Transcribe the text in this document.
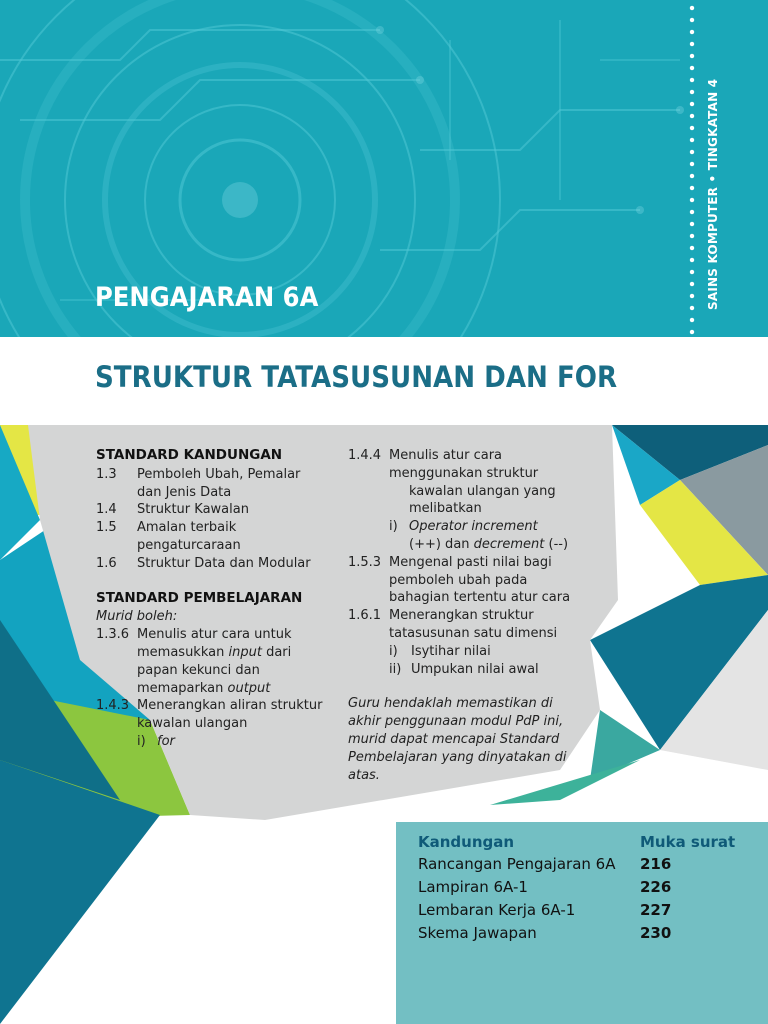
SAINS KOMPUTER • TINGKATAN 4
PENGAJARAN 6A
STRUKTUR TATASUSUNAN DAN FOR
STANDARD KANDUNGAN
1.3	Pemboleh Ubah, Pemalar dan Jenis Data
1.4	Struktur Kawalan
1.5	Amalan terbaik pengaturcaraan
1.6	Struktur Data dan Modular
STANDARD PEMBELAJARAN
Murid boleh:
1.3.6 Menulis atur cara untuk memasukkan input dari papan kekunci dan memaparkan output
1.4.3 Menerangkan aliran struktur kawalan ulangan
i) for
1.4.4 Menulis atur cara
menggunakan struktur
kawalan ulangan yang
melibatkan
i) Operator increment
(++) dan decrement (--)
1.5.3 Mengenal pasti nilai bagi pemboleh ubah pada bahagian tertentu atur cara
1.6.1 Menerangkan struktur tatasusunan satu dimensi
i)	Isytihar nilai
ii) Umpukan nilai awal
Guru hendaklah memastikan di akhir penggunaan modul PdP ini, murid dapat mencapai Standard Pembelajaran yang dinyatakan di atas.
Kandungan	Muka surat
Rancangan Pengajaran 6A 216
Lampiran 6A-1	226
Lembaran Kerja 6A-1	227
Skema Jawapan	230
